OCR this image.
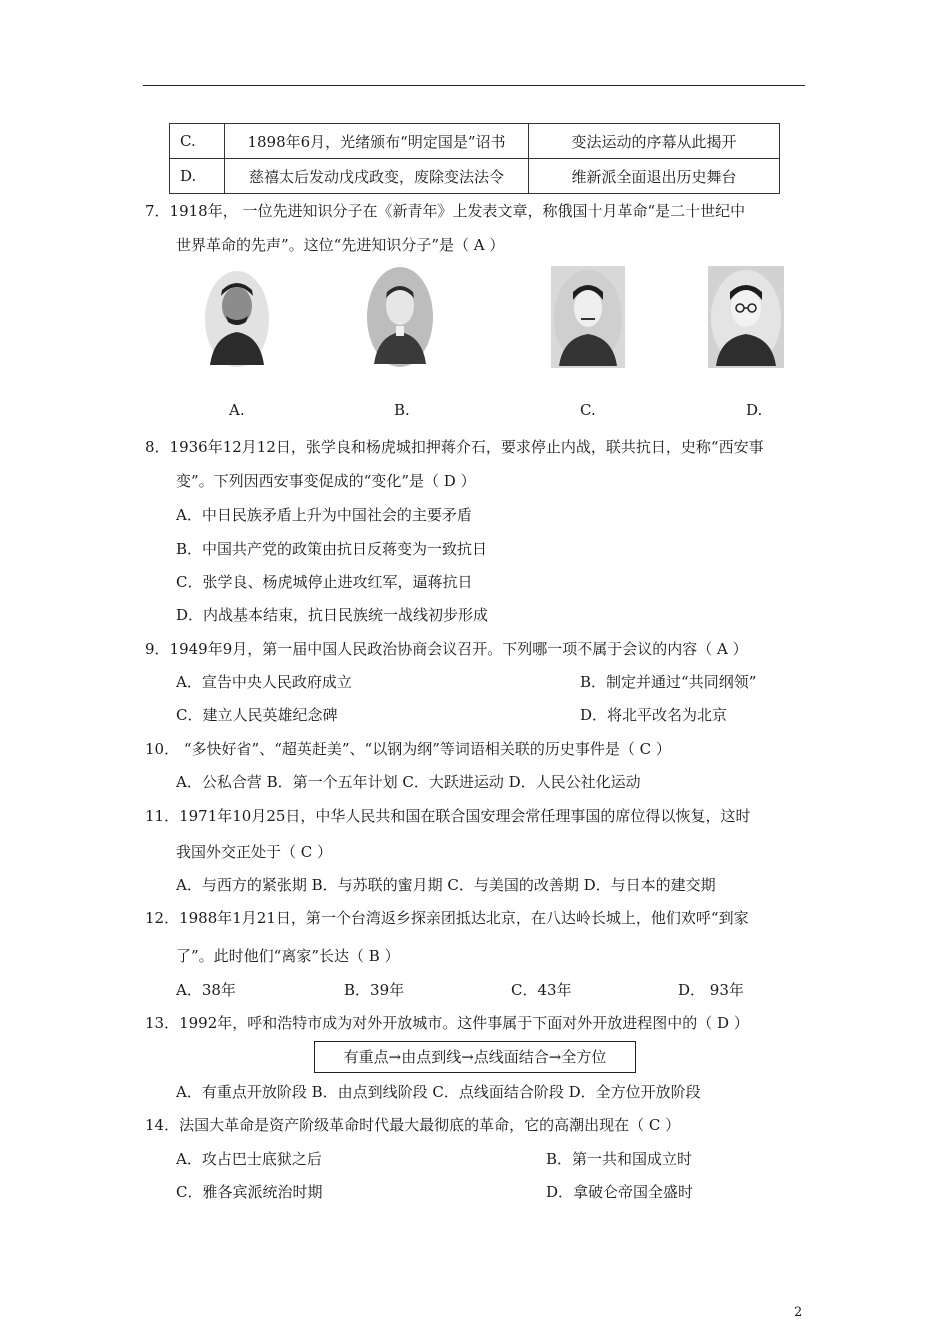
C.	1898年6月，光绪颁布“明定国是”诏书	变法运动的序幕从此揭开
D.	慈禧太后发动戊戌政变，废除变法法令	维新派全面退出历史舞台
7．1918年， 一位先进知识分子在《新青年》上发表文章，称俄国十月革命“是二十世纪中
世界革命的先声”。这位“先进知识分子”是（ A ）
A.	B.	C.	D.
8．1936年12月12日，张学良和杨虎城扣押蒋介石，要求停止内战，联共抗日，史称“西安事
变”。下列因西安事变促成的“变化”是（ D ）
A．中日民族矛盾上升为中国社会的主要矛盾
B．中国共产党的政策由抗日反蒋变为一致抗日
C．张学良、杨虎城停止进攻红军，逼蒋抗日
D．内战基本结束，抗日民族统一战线初步形成
9．1949年9月，第一届中国人民政治协商会议召开。下列哪一项不属于会议的内容（ A ）
A．宣告中央人民政府成立	B．制定并通过“共同纲领”
C．建立人民英雄纪念碑	D．将北平改名为北京
10． “多快好省”、“超英赶美”、“以钢为纲”等词语相关联的历史事件是（ C ）
A．公私合营 B．第一个五年计划 C．大跃进运动 D．人民公社化运动
11．1971年10月25日，中华人民共和国在联合国安理会常任理事国的席位得以恢复，这时
我国外交正处于（ C ）
A．与西方的紧张期 B．与苏联的蜜月期 C．与美国的改善期 D．与日本的建交期
12．1988年1月21日，第一个台湾返乡探亲团抵达北京，在八达岭长城上，他们欢呼“到家
了”。此时他们“离家”长达（ B ）
A．38年	B．39年	C．43年	D． 93年
13．1992年，呼和浩特市成为对外开放城市。这件事属于下面对外开放进程图中的（ D ）
有重点→由点到线→点线面结合→全方位
A．有重点开放阶段 B．由点到线阶段 C．点线面结合阶段 D．全方位开放阶段
14．法国大革命是资产阶级革命时代最大最彻底的革命，它的高潮出现在（ C ）
A．攻占巴士底狱之后	B．第一共和国成立时
C．雅各宾派统治时期	D．拿破仑帝国全盛时
2
